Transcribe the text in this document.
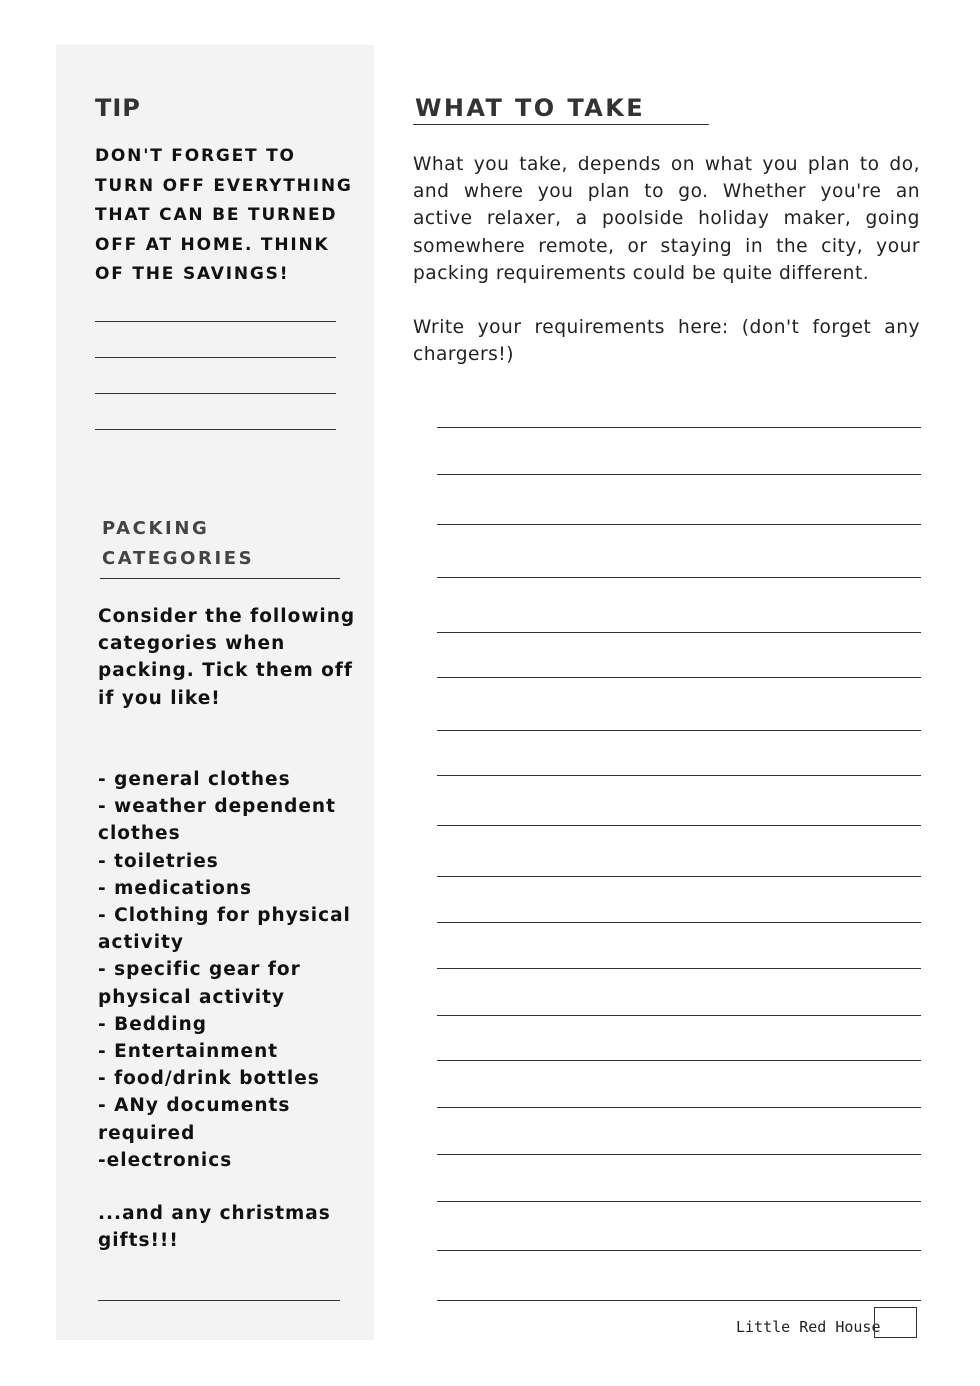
TIP

DON'T FORGET TO TURN OFF EVERYTHING THAT CAN BE TURNED OFF AT HOME. THINK OF THE SAVINGS!

PACKING CATEGORIES

Consider the following categories when packing. Tick them off if you like!

- general clothes
- weather dependent clothes
- toiletries
- medications
- Clothing for physical activity
- specific gear for physical activity
- Bedding
- Entertainment
- food/drink bottles
- ANy documents required
-electronics

...and any christmas gifts!!!

WHAT TO TAKE
What you take, depends on what you plan to do, and where you plan to go. Whether you're an active relaxer, a poolside holiday maker, going somewhere remote, or staying in the city, your packing requirements could be quite different.
Write your requirements here: (don't forget any chargers!)

Little Red House
